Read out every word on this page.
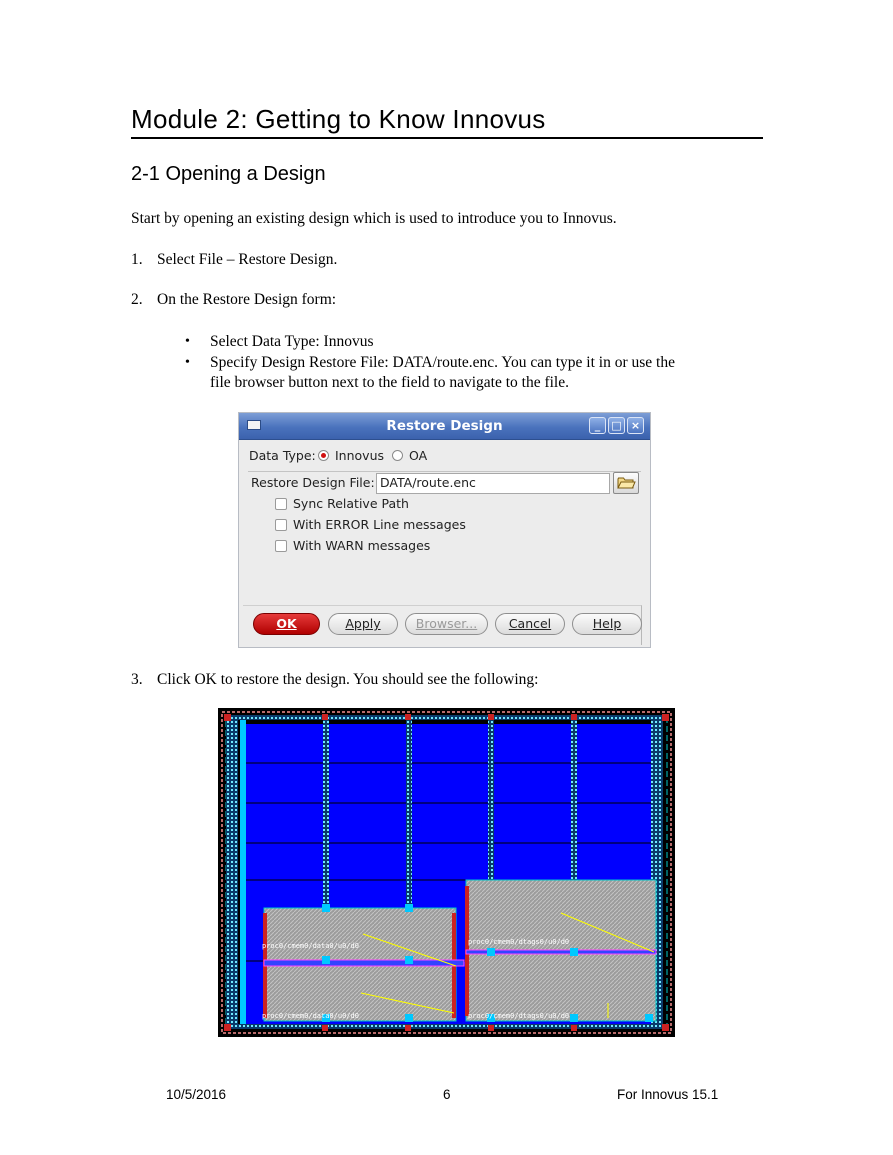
Module 2: Getting to Know Innovus
2-1 Opening a Design
Start by opening an existing design which is used to introduce you to Innovus.
1. Select File – Restore Design.
2. On the Restore Design form:
• Select Data Type: Innovus
• Specify Design Restore File: DATA/route.enc. You can type it in or use the
file browser button next to the field to navigate to the file.
Restore Design	_	□ ×
Data Type: Innovus OA
Restore Design File: DATA/route.enc
Sync Relative Path
With ERROR Line messages
With WARN messages
OK	Apply	Browser...	Cancel	Help
3. Click OK to restore the design. You should see the following:
proc0/cmem0/data0/u0/d0	proc0/cmem0/dtags0/u0/d0
proc0/cmem0/data0/u0/d0	proc0/cmem0/dtags0/u0/d0
10/5/2016	6	For Innovus 15.1
